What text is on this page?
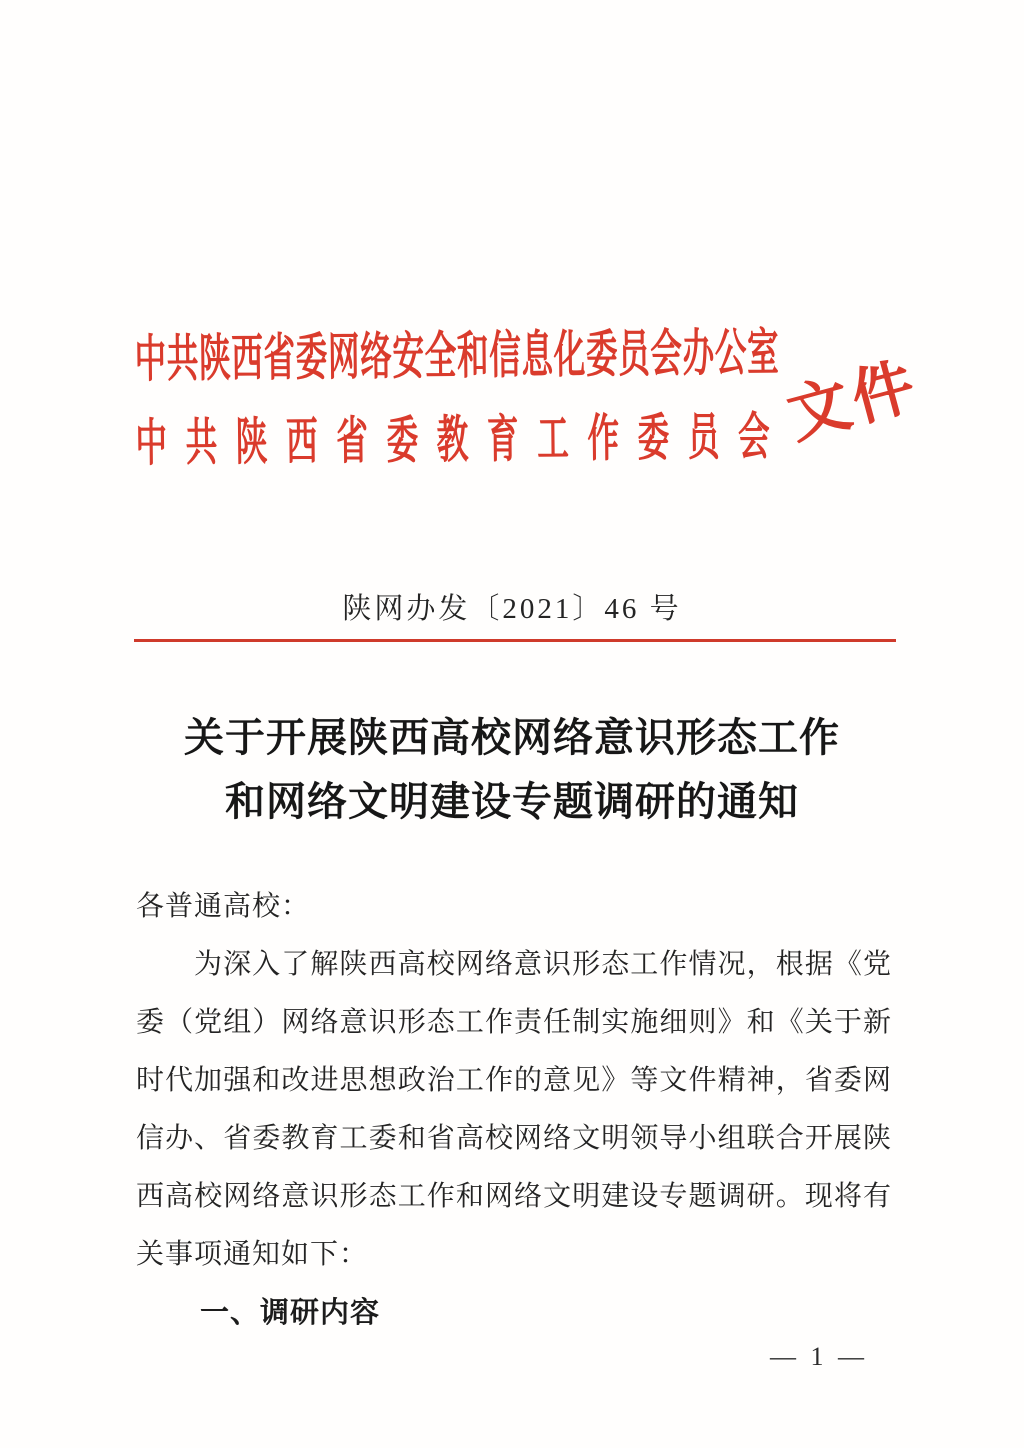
中共陕西省委网络安全和信息化委员会办公室
中共陕西省委教育工作委员会
文件
陕网办发〔2021〕46 号
关于开展陕西高校网络意识形态工作
和网络文明建设专题调研的通知
各普通高校：

为深入了解陕西高校网络意识形态工作情况，根据《党委（党组）网络意识形态工作责任制实施细则》和《关于新时代加强和改进思想政治工作的意见》等文件精神，省委网信办、省委教育工委和省高校网络文明领导小组联合开展陕西高校网络意识形态工作和网络文明建设专题调研。现将有关事项通知如下：

一、调研内容
— 1 —
